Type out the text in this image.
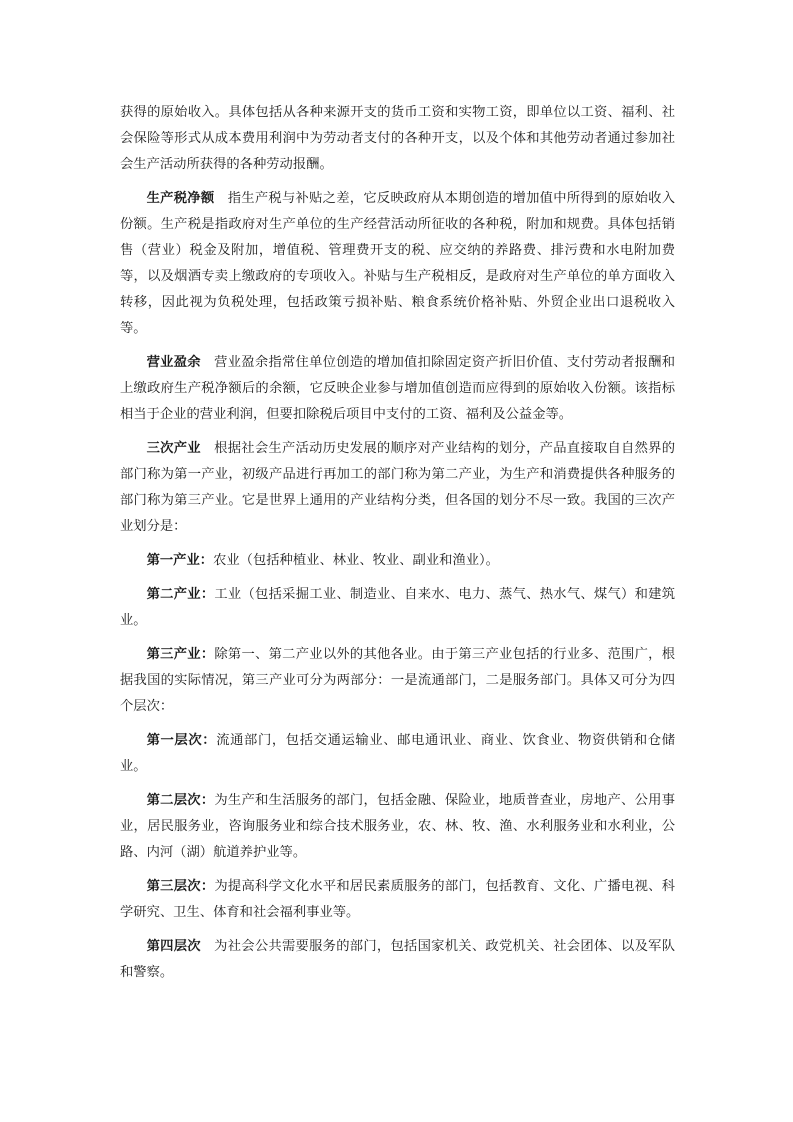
获得的原始收入。具体包括从各种来源开支的货币工资和实物工资，即单位以工资、福利、社会保险等形式从成本费用利润中为劳动者支付的各种开支，以及个体和其他劳动者通过参加社会生产活动所获得的各种劳动报酬。

生产税净额 指生产税与补贴之差，它反映政府从本期创造的增加值中所得到的原始收入份额。生产税是指政府对生产单位的生产经营活动所征收的各种税，附加和规费。具体包括销售（营业）税金及附加，增值税、管理费开支的税、应交纳的养路费、排污费和水电附加费等，以及烟酒专卖上缴政府的专项收入。补贴与生产税相反，是政府对生产单位的单方面收入转移，因此视为负税处理，包括政策亏损补贴、粮食系统价格补贴、外贸企业出口退税收入等。

营业盈余 营业盈余指常住单位创造的增加值扣除固定资产折旧价值、支付劳动者报酬和上缴政府生产税净额后的余额，它反映企业参与增加值创造而应得到的原始收入份额。该指标相当于企业的营业利润，但要扣除税后项目中支付的工资、福利及公益金等。

三次产业 根据社会生产活动历史发展的顺序对产业结构的划分，产品直接取自自然界的部门称为第一产业，初级产品进行再加工的部门称为第二产业，为生产和消费提供各种服务的部门称为第三产业。它是世界上通用的产业结构分类，但各国的划分不尽一致。我国的三次产业划分是：

第一产业：农业（包括种植业、林业、牧业、副业和渔业）。

第二产业：工业（包括采掘工业、制造业、自来水、电力、蒸气、热水气、煤气）和建筑业。

第三产业：除第一、第二产业以外的其他各业。由于第三产业包括的行业多、范围广，根据我国的实际情况，第三产业可分为两部分：一是流通部门，二是服务部门。具体又可分为四个层次：

第一层次：流通部门，包括交通运输业、邮电通讯业、商业、饮食业、物资供销和仓储业。

第二层次：为生产和生活服务的部门，包括金融、保险业，地质普查业，房地产、公用事业，居民服务业，咨询服务业和综合技术服务业，农、林、牧、渔、水利服务业和水利业，公路、内河（湖）航道养护业等。

第三层次：为提高科学文化水平和居民素质服务的部门，包括教育、文化、广播电视、科学研究、卫生、体育和社会福利事业等。

第四层次 为社会公共需要服务的部门，包括国家机关、政党机关、社会团体、以及军队和警察。
